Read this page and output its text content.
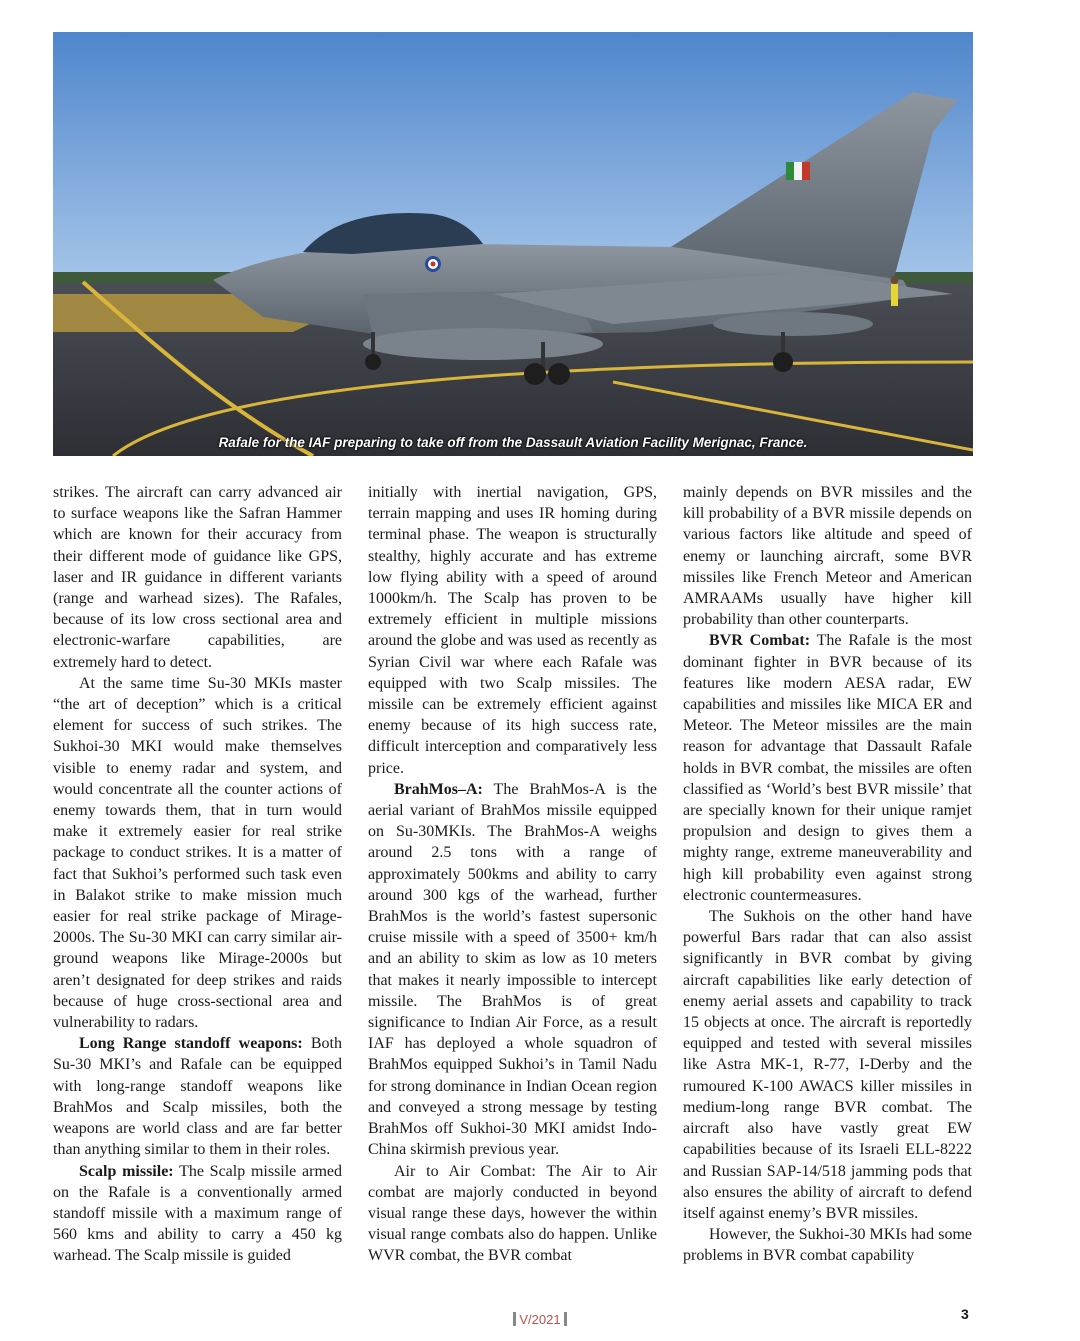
Rafale for the IAF preparing to take off from the Dassault Aviation Facility Merignac, France.

strikes. The aircraft can carry advanced air to surface weapons like the Safran Hammer which are known for their accuracy from their different mode of guidance like GPS, laser and IR guidance in different variants (range and warhead sizes). The Rafales, because of its low cross sectional area and electronic-warfare capabilities, are extremely hard to detect.

At the same time Su-30 MKIs master “the art of deception” which is a critical element for success of such strikes. The Sukhoi-30 MKI would make themselves visible to enemy radar and system, and would concentrate all the counter actions of enemy towards them, that in turn would make it extremely easier for real strike package to conduct strikes. It is a matter of fact that Sukhoi’s performed such task even in Balakot strike to make mission much easier for real strike package of Mirage-2000s. The Su-30 MKI can carry similar air-ground weapons like Mirage-2000s but aren’t designated for deep strikes and raids because of huge cross-sectional area and vulnerability to radars.

Long Range standoff weapons: Both Su-30 MKI’s and Rafale can be equipped with long-range standoff weapons like BrahMos and Scalp missiles, both the weapons are world class and are far better than anything similar to them in their roles.

Scalp missile: The Scalp missile armed on the Rafale is a conventionally armed standoff missile with a maximum range of 560 kms and ability to carry a 450 kg warhead. The Scalp missile is guided

initially with inertial navigation, GPS, terrain mapping and uses IR homing during terminal phase. The weapon is structurally stealthy, highly accurate and has extreme low flying ability with a speed of around 1000km/h. The Scalp has proven to be extremely efficient in multiple missions around the globe and was used as recently as Syrian Civil war where each Rafale was equipped with two Scalp missiles. The missile can be extremely efficient against enemy because of its high success rate, difficult interception and comparatively less price.

BrahMos–A: The BrahMos-A is the aerial variant of BrahMos missile equipped on Su-30MKIs. The BrahMos-A weighs around 2.5 tons with a range of approximately 500kms and ability to carry around 300 kgs of the warhead, further BrahMos is the world’s fastest supersonic cruise missile with a speed of 3500+ km/h and an ability to skim as low as 10 meters that makes it nearly impossible to intercept missile. The BrahMos is of great significance to Indian Air Force, as a result IAF has deployed a whole squadron of BrahMos equipped Sukhoi’s in Tamil Nadu for strong dominance in Indian Ocean region and conveyed a strong message by testing BrahMos off Sukhoi-30 MKI amidst Indo-China skirmish previous year.

Air to Air Combat: The Air to Air combat are majorly conducted in beyond visual range these days, however the within visual range combats also do happen. Unlike WVR combat, the BVR combat

mainly depends on BVR missiles and the kill probability of a BVR missile depends on various factors like altitude and speed of enemy or launching aircraft, some BVR missiles like French Meteor and American AMRAAMs usually have higher kill probability than other counterparts.

BVR Combat: The Rafale is the most dominant fighter in BVR because of its features like modern AESA radar, EW capabilities and missiles like MICA ER and Meteor. The Meteor missiles are the main reason for advantage that Dassault Rafale holds in BVR combat, the missiles are often classified as ‘World’s best BVR missile’ that are specially known for their unique ramjet propulsion and design to gives them a mighty range, extreme maneuverability and high kill probability even against strong electronic countermeasures.

The Sukhois on the other hand have powerful Bars radar that can also assist significantly in BVR combat by giving aircraft capabilities like early detection of enemy aerial assets and capability to track 15 objects at once. The aircraft is reportedly equipped and tested with several missiles like Astra MK-1, R-77, I-Derby and the rumoured K-100 AWACS killer missiles in medium-long range BVR combat. The aircraft also have vastly great EW capabilities because of its Israeli ELL-8222 and Russian SAP-14/518 jamming pods that also ensures the ability of aircraft to defend itself against enemy’s BVR missiles.

However, the Sukhoi-30 MKIs had some problems in BVR combat capability

V/2021	3
